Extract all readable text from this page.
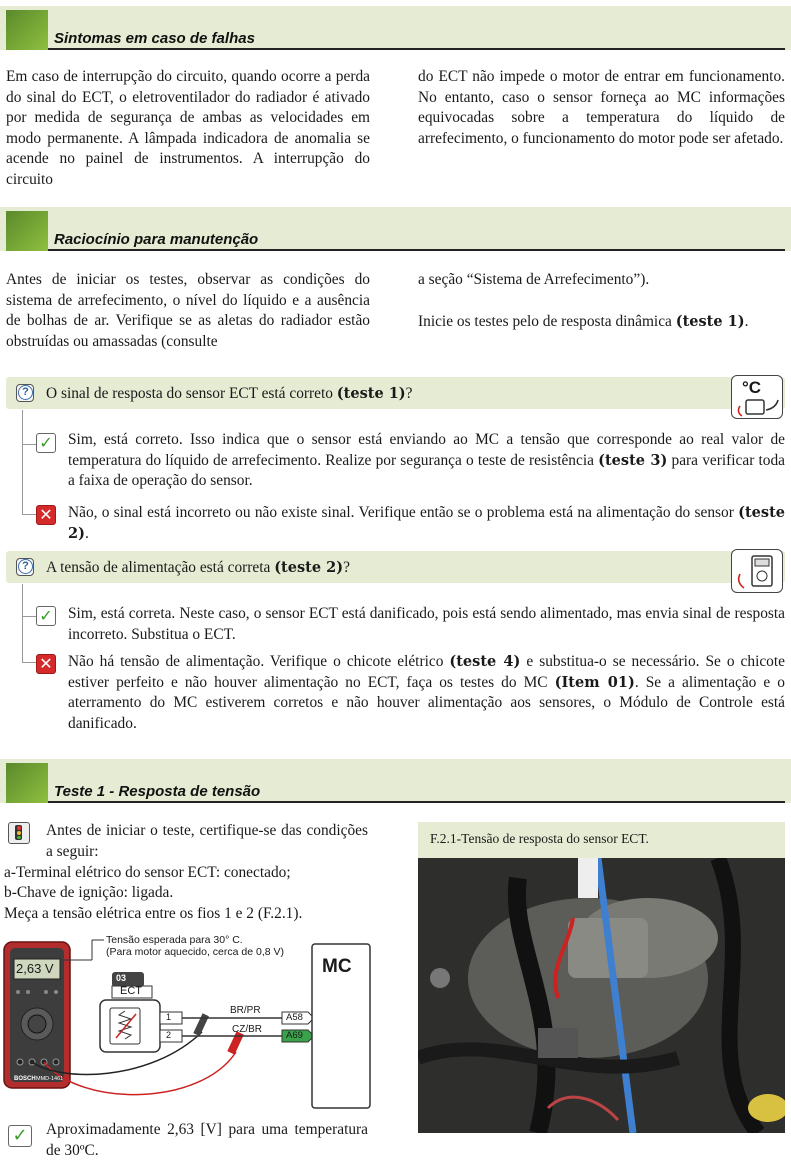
Sintomas em caso de falhas

Em caso de interrupção do circuito, quando ocorre a perda do sinal do ECT, o eletroventilador do radiador é ativado por medida de segurança de ambas as velocidades em modo permanente. A lâmpada indicadora de anomalia se acende no painel de instrumentos. A interrupção do circuito

do ECT não impede o motor de entrar em funcionamento. No entanto, caso o sensor forneça ao MC informações equivocadas sobre a temperatura do líquido de arrefecimento, o funcionamento do motor pode ser afetado.

Raciocínio para manutenção

Antes de iniciar os testes, observar as condições do sistema de arrefecimento, o nível do líquido e a ausência de bolhas de ar. Verifique se as aletas do radiador estão obstruídas ou amassadas (consulte

a seção “Sistema de Arrefecimento”).

Inicie os testes pelo de resposta dinâmica (teste 1).

? O sinal de resposta do sensor ECT está correto (teste 1)?	°C
✓ Sim, está correto. Isso indica que o sensor está enviando ao MC a tensão que corresponde ao real valor de temperatura do líquido de arrefecimento. Realize por segurança o teste de resistência (teste 3) para verificar toda a faixa de operação do sensor.
✕ Não, o sinal está incorreto ou não existe sinal. Verifique então se o problema está na alimentação do sensor (teste 2).
? A tensão de alimentação está correta (teste 2)?
✓ Sim, está correta. Neste caso, o sensor ECT está danificado, pois está sendo alimentado, mas envia sinal de resposta incorreto. Substitua o ECT.
✕ Não há tensão de alimentação. Verifique o chicote elétrico (teste 4) e substitua-o se necessário. Se o chicote estiver perfeito e não houver alimentação no ECT, faça os testes do MC (Item 01). Se a alimentação e o aterramento do MC estiverem corretos e não houver alimentação aos sensores, o Módulo de Controle está danificado.
Teste 1 - Resposta de tensão

Antes de iniciar o teste, certifique-se das condições a seguir:

a-Terminal elétrico do sensor ECT: conectado;

b-Chave de ignição: ligada.

Meça a tensão elétrica entre os fios 1 e 2 (F.2.1).

Tensão esperada para 30° C.
(Para motor aquecido, cerca de 0,8 V)
2,63 V
BOSCH MMD-1461
03
ECT
1
2
BR/PR
CZ/BR
A58
A69
MC
✓ Aproximadamente 2,63 [V] para uma temperatura de 30ºC.

F.2.1-Tensão de resposta do sensor ECT.
